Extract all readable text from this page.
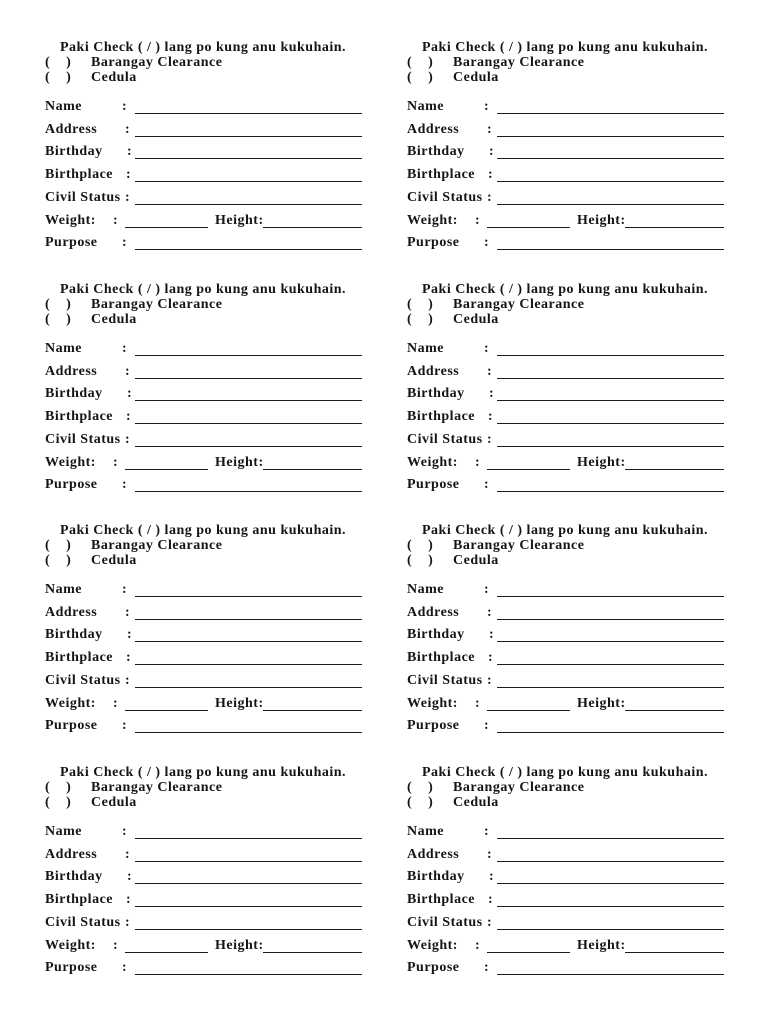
Paki Check ( / ) lang po kung anu kukuhain.
(    ) Barangay Clearance
(    ) Cedula
Name	:
Address :
Birthday :
Birthplace :
Civil Status :
Weight: :	Height:
Purpose :
Paki Check ( / ) lang po kung anu kukuhain.
(    ) Barangay Clearance
(    ) Cedula
Name	:
Address :
Birthday :
Birthplace :
Civil Status :
Weight: :	Height:
Purpose :
Paki Check ( / ) lang po kung anu kukuhain.
(    ) Barangay Clearance
(    ) Cedula
Name	:
Address :
Birthday :
Birthplace :
Civil Status :
Weight: :	Height:
Purpose :
Paki Check ( / ) lang po kung anu kukuhain.
(    ) Barangay Clearance
(    ) Cedula
Name	:
Address :
Birthday :
Birthplace :
Civil Status :
Weight: :	Height:
Purpose :
Paki Check ( / ) lang po kung anu kukuhain.
(    ) Barangay Clearance
(    ) Cedula
Name	:
Address :
Birthday :
Birthplace :
Civil Status :
Weight: :	Height:
Purpose :
Paki Check ( / ) lang po kung anu kukuhain.
(    ) Barangay Clearance
(    ) Cedula
Name	:
Address :
Birthday :
Birthplace :
Civil Status :
Weight: :	Height:
Purpose :
Paki Check ( / ) lang po kung anu kukuhain.
(    ) Barangay Clearance
(    ) Cedula
Name	:
Address :
Birthday :
Birthplace :
Civil Status :
Weight: :	Height:
Purpose :
Paki Check ( / ) lang po kung anu kukuhain.
(    ) Barangay Clearance
(    ) Cedula
Name	:
Address :
Birthday :
Birthplace :
Civil Status :
Weight: :	Height:
Purpose :
